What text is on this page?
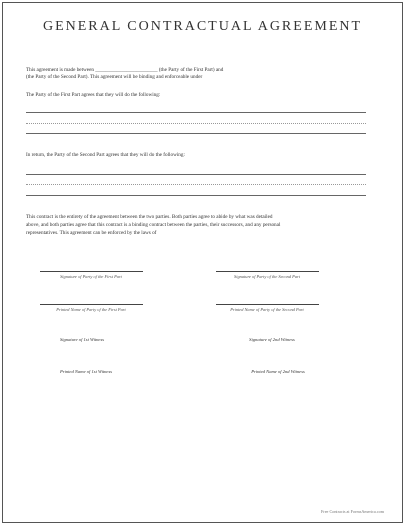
GENERAL CONTRACTUAL AGREEMENT
This agreement is made between ________________________ (the Party of the First Part) and
(the Party of the Second Part). This agreement will be binding and enforceable under
The Party of the First Part agrees that they will do the following:
In return, the Party of the Second Part agrees that they will do the following:
This contract is the entirety of the agreement between the two parties. Both parties agree to abide by what was detailed
above, and both parties agree that this contract is a binding contract between the parties, their successors, and any personal
representatives. This agreement can be enforced by the laws of
Signature of Party of the First Part	Signature of Party of the Second Part
Printed Name of Party of the First Part	Printed Name of Party of the Second Part
Signature of 1st Witness	Signature of 2nd Witness
Printed Name of 1st Witness	Printed Name of 2nd Witness
Free Contracts at FormsAmerica.com
